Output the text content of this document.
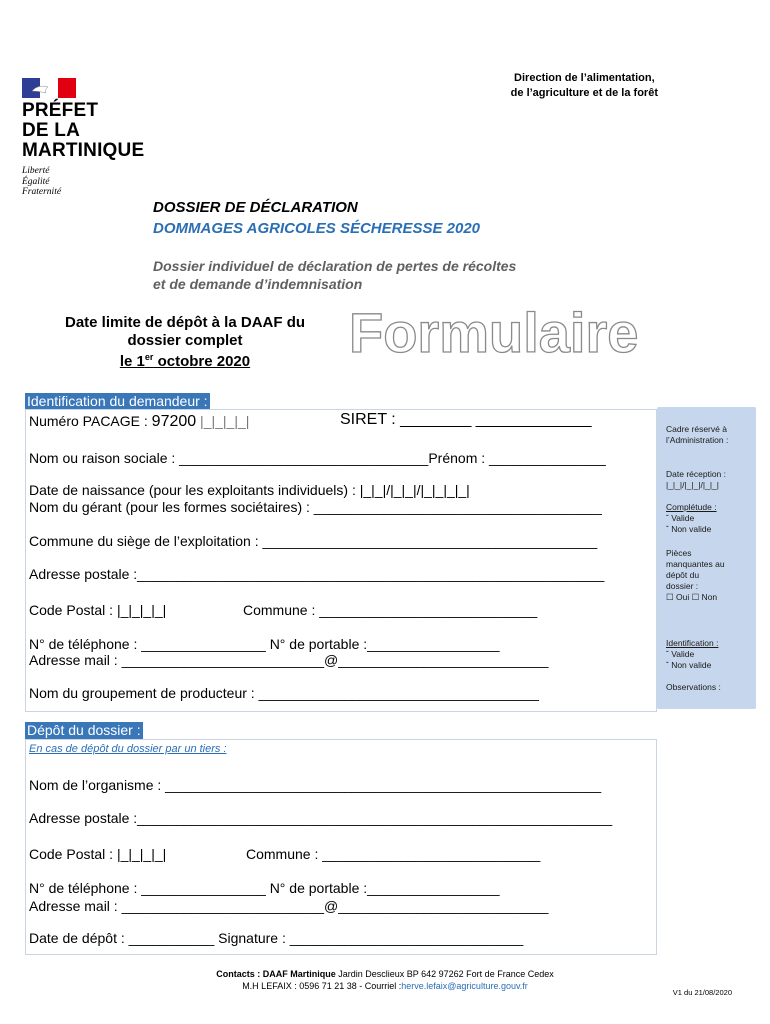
PRÉFET
DE LA
MARTINIQUE
Liberté
Égalité
Fraternité
Direction de l’alimentation,
de l’agriculture et de la forêt
DOSSIER DE DÉCLARATION
DOMMAGES AGRICOLES SÉCHERESSE 2020
Dossier individuel de déclaration de pertes de récoltes
et de demande d’indemnisation
Date limite de dépôt à la DAAF du
dossier complet
le 1er octobre 2020	Formulaire
Identification du demandeur :
Numéro PACAGE : 97200 |_|_|_|_|	SIRET : ________ _____________
Nom ou raison sociale : ________________________________Prénom : _______________
Date de naissance (pour les exploitants individuels) : |_|_|/|_|_|/|_|_|_|_|
Nom du gérant (pour les formes sociétaires) : _____________________________________
Commune du siège de l’exploitation : ___________________________________________
Adresse postale :____________________________________________________________
Code Postal : |_|_|_|_|	Commune : ____________________________
N° de téléphone : ________________ N° de portable :_________________
Adresse mail : __________________________@___________________________
Nom du groupement de producteur : ____________________________________
Cadre réservé à
l’Administration :
Date réception :
|_|_|/|_|_|/|_|_|
Complétude :
ˇ Valide
ˇ Non valide
Pièces
manquantes au
dépôt du
dossier :
☐ Oui ☐ Non
Identification :
ˇ Valide
ˇ Non valide
Observations :
Dépôt du dossier :
En cas de dépôt du dossier par un tiers :
Nom de l’organisme : ________________________________________________________
Adresse postale :_____________________________________________________________
Code Postal : |_|_|_|_|	Commune : ____________________________
N° de téléphone : ________________ N° de portable :_________________
Adresse mail : __________________________@___________________________
Date de dépôt : ___________ Signature : ______________________________
Contacts : DAAF Martinique Jardin Desclieux BP 642 97262 Fort de France Cedex
M.H LEFAIX : 0596 71 21 38 - Courriel :herve.lefaix@agriculture.gouv.fr
V1 du 21/08/2020
